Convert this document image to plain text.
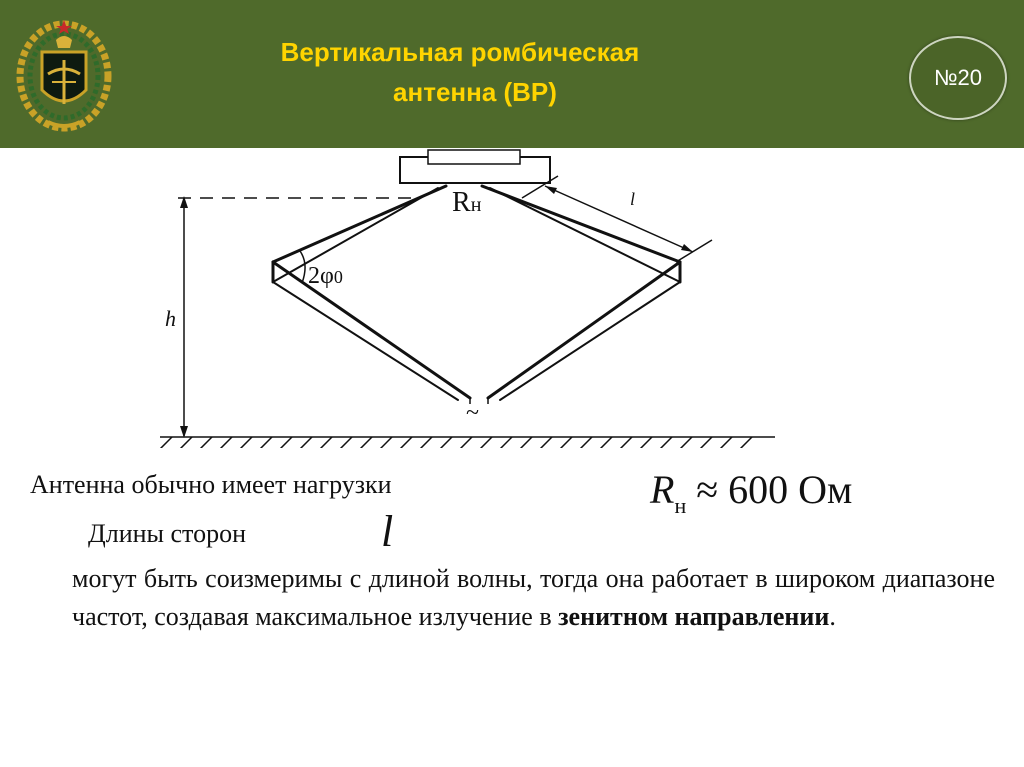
Вертикальная ромбическая
антенна (ВР)	№20
Rн
2φ0
l
h
~
Антенна обычно имеет нагрузки	$R_н \approx 600$ Ом
Длины сторон	l
могут быть соизмеримы с длиной волны, тогда она работает в широком диапазоне частот, создавая максимальное излучение в зенитном направлении.
